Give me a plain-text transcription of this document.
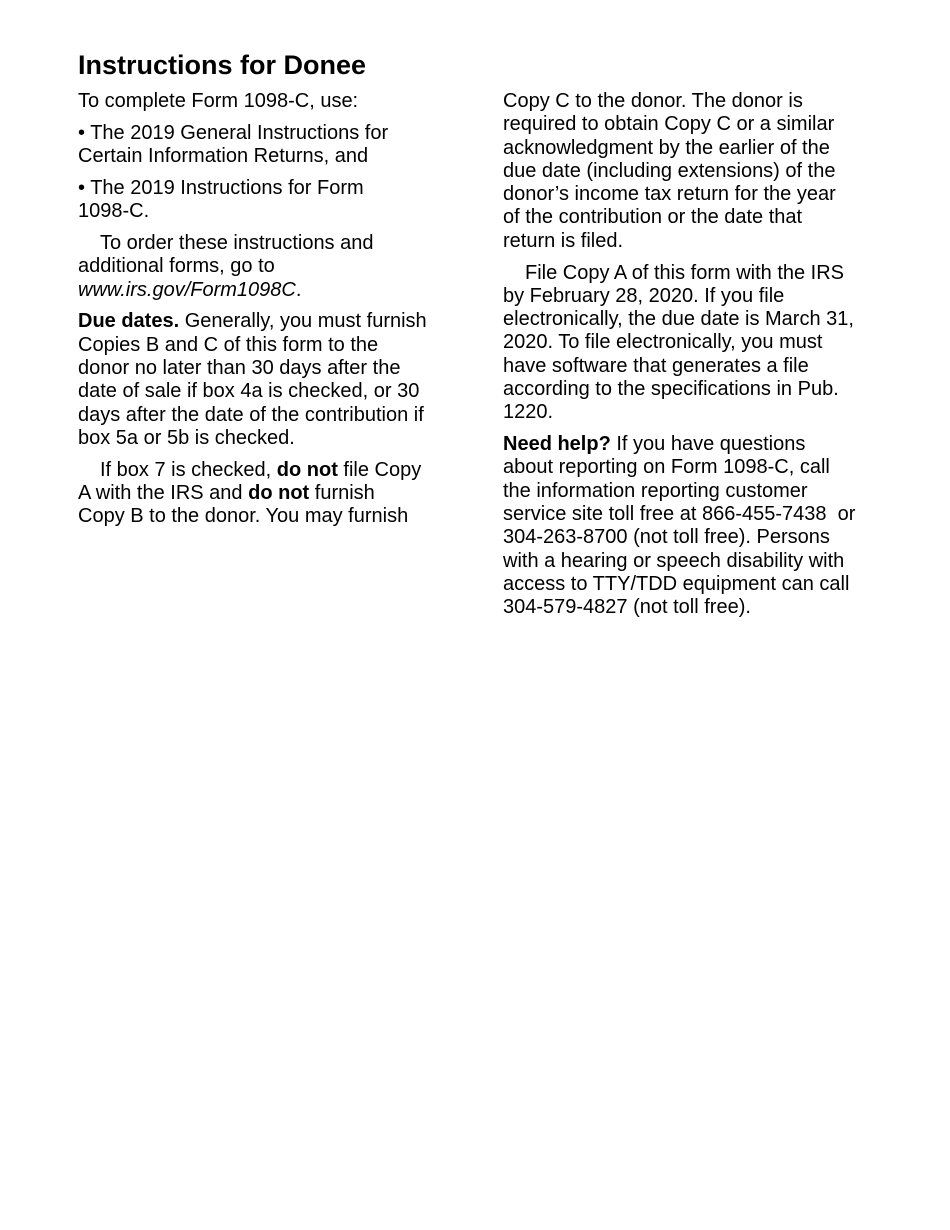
Instructions for Donee

To complete Form 1098-C, use:

• The 2019 General Instructions for
Certain Information Returns, and

• The 2019 Instructions for Form
1098-C.

To order these instructions and
additional forms, go to
www.irs.gov/Form1098C.

Due dates. Generally, you must furnish
Copies B and C of this form to the
donor no later than 30 days after the
date of sale if box 4a is checked, or 30
days after the date of the contribution if
box 5a or 5b is checked.

If box 7 is checked, do not file Copy
A with the IRS and do not furnish
Copy B to the donor. You may furnish

Copy C to the donor. The donor is
required to obtain Copy C or a similar
acknowledgment by the earlier of the
due date (including extensions) of the
donor’s income tax return for the year
of the contribution or the date that
return is filed.

File Copy A of this form with the IRS
by February 28, 2020. If you file
electronically, the due date is March 31,
2020. To file electronically, you must
have software that generates a file
according to the specifications in Pub.
1220.

Need help? If you have questions
about reporting on Form 1098-C, call
the information reporting customer
service site toll free at 866-455-7438  or
304-263-8700 (not toll free). Persons
with a hearing or speech disability with
access to TTY/TDD equipment can call
304-579-4827 (not toll free).
